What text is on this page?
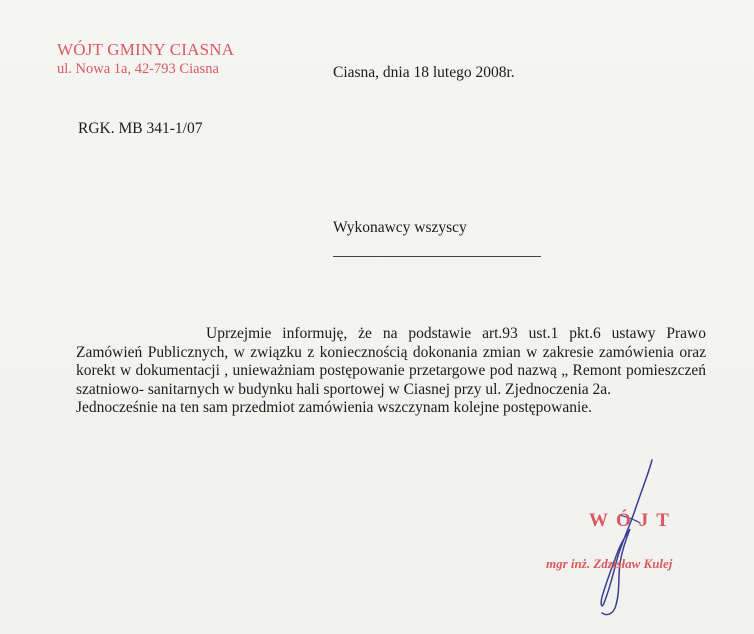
WÓJT GMINY CIASNA
ul. Nowa 1a, 42-793 Ciasna	Ciasna, dnia 18 lutego 2008r.
RGK. MB 341-1/07
Wykonawcy wszyscy

Uprzejmie informuję, że na podstawie art.93 ust.1 pkt.6 ustawy Prawo Zamówień Publicznych, w związku z koniecznością dokonania zmian w zakresie zamówienia oraz korekt w dokumentacji , unieważniam postępowanie przetargowe pod nazwą „ Remont pomieszczeń szatniowo- sanitarnych w budynku hali sportowej w Ciasnej przy ul. Zjednoczenia 2a.

Jednocześnie na ten sam przedmiot zamówienia wszczynam kolejne postępowanie.

WÓJT
mgr inż. Zdzisław Kulej
